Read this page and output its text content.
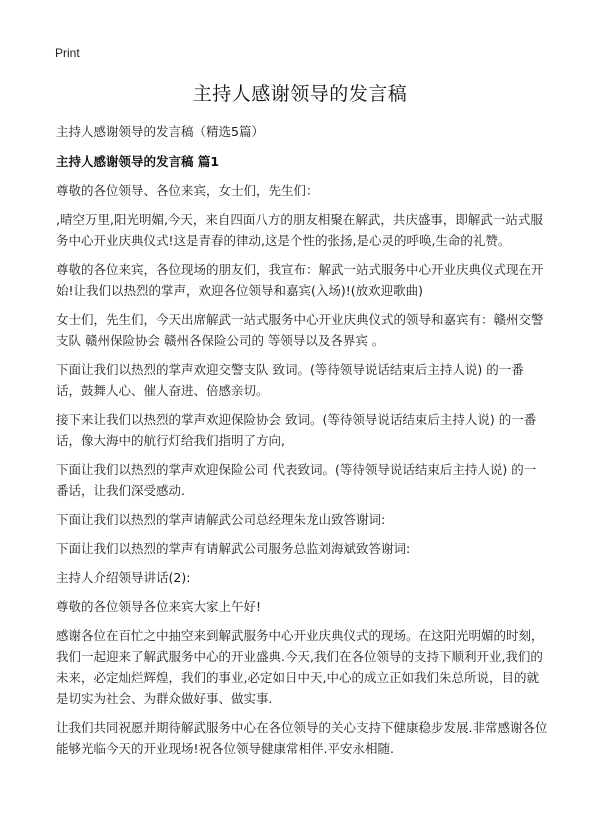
Print
主持人感谢领导的发言稿

主持人感谢领导的发言稿（精选5篇）

主持人感谢领导的发言稿 篇1

尊敬的各位领导、各位来宾，女士们，先生们：

,晴空万里,阳光明媚,今天，来自四面八方的朋友相聚在解武，共庆盛事，即解武一站式服务中心开业庆典仪式!这是青春的律动,这是个性的张扬,是心灵的呼唤,生命的礼赞。

尊敬的各位来宾，各位现场的朋友们，我宣布：解武一站式服务中心开业庆典仪式现在开始!让我们以热烈的掌声，欢迎各位领导和嘉宾(入场)!(放欢迎歌曲)

女士们，先生们，今天出席解武一站式服务中心开业庆典仪式的领导和嘉宾有：赣州交警支队 赣州保险协会 赣州各保险公司的 等领导以及各界宾 。

下面让我们以热烈的掌声欢迎交警支队 致词。(等待领导说话结束后主持人说) 的一番话，鼓舞人心、催人奋进、倍感亲切。

接下来让我们以热烈的掌声欢迎保险协会 致词。(等待领导说话结束后主持人说) 的一番话，像大海中的航行灯给我们指明了方向,

下面让我们以热烈的掌声欢迎保险公司 代表致词。(等待领导说话结束后主持人说) 的一番话，让我们深受感动.

下面让我们以热烈的掌声请解武公司总经理朱龙山致答谢词:

下面让我们以热烈的掌声有请解武公司服务总监刘海斌致答谢词:

主持人介绍领导讲话(2):

尊敬的各位领导各位来宾大家上午好!

感谢各位在百忙之中抽空来到解武服务中心开业庆典仪式的现场。在这阳光明媚的时刻，我们一起迎来了解武服务中心的开业盛典.今天,我们在各位领导的支持下顺利开业,我们的未来，必定灿烂辉煌，我们的事业,必定如日中天,中心的成立正如我们朱总所说，目的就是切实为社会、为群众做好事、做实事.

让我们共同祝愿并期待解武服务中心在各位领导的关心支持下健康稳步发展.非常感谢各位能够光临今天的开业现场!祝各位领导健康常相伴.平安永相随.
